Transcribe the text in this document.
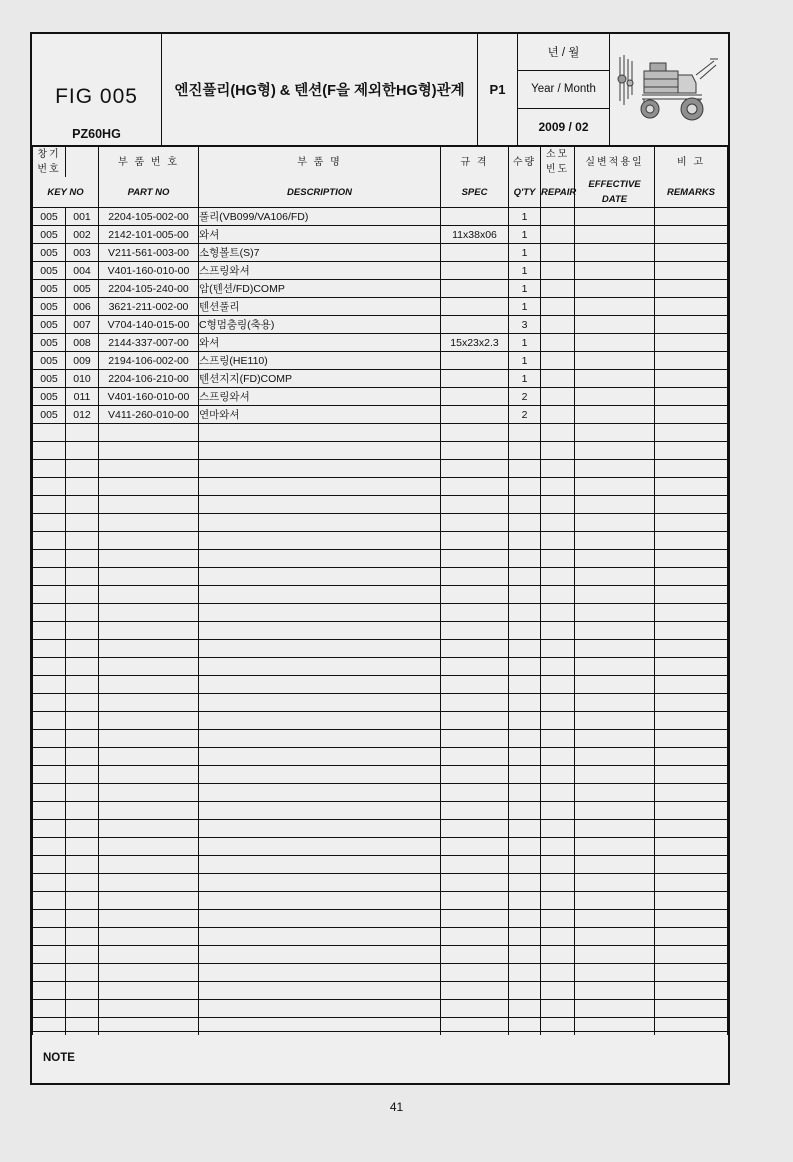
FIG 005
PZ60HG
엔진풀리(HG형) & 텐션(F을 제외한HG형)관계	P1
년 / 월
Year / Month
2009 / 02
창기번호		부 품 번 호	부 품 명	규 격	수량	소모빈도	실변적용일	비 고
KEY NO		PART NO	DESCRIPTION	SPEC	Q'TY	REPAIR	EFFECTIVE DATE	REMARKS
005	001	2204-105-002-00	풀리(VB099/VA106/FD)		1			
005	002	2142-101-005-00	와셔	11x38x06	1			
005	003	V211-561-003-00	소형볼트(S)7		1			
005	004	V401-160-010-00	스프링와셔		1			
005	005	2204-105-240-00	암(텐션/FD)COMP		1			
005	006	3621-211-002-00	텐션풀리		1			
005	007	V704-140-015-00	C형멈춤링(축용)		3			
005	008	2144-337-007-00	와셔	15x23x2.3	1			
005	009	2194-106-002-00	스프링(HE110)		1			
005	010	2204-106-210-00	텐션지지(FD)COMP		1			
005	011	V401-160-010-00	스프링와셔		2			
005	012	V411-260-010-00	연마와셔		2			

NOTE
41
